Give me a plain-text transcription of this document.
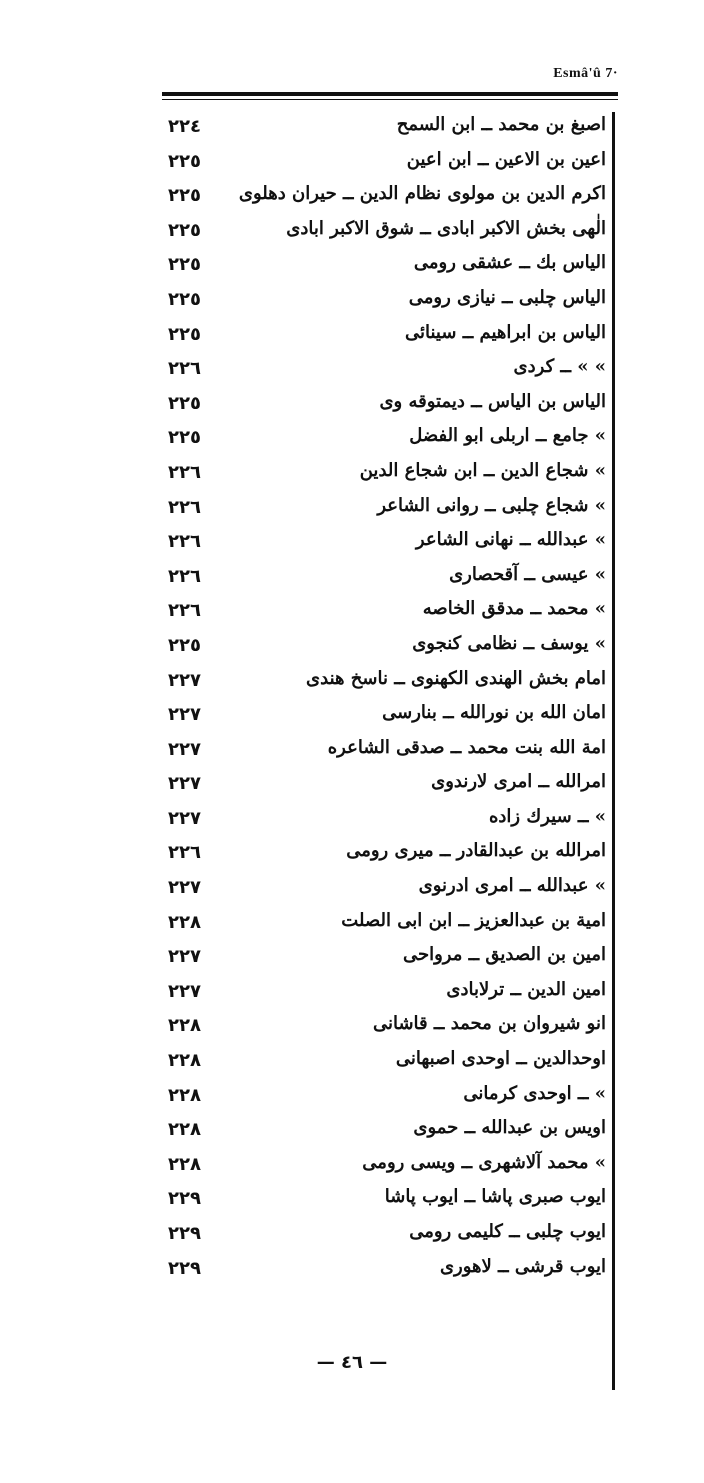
Esmâ'û 7·
اصبغ بن محمد ــ ابن السمح
٢٢٤
اعين بن الاعين ــ ابن اعين
٢٢٥
اكرم الدين بن مولوى نظام الدين ــ حيران دهلوى
٢٢٥
الٰهى بخش الاكبر ابادى ــ شوق الاكبر ابادى
٢٢٥
الياس بك ــ عشقى رومى
٢٢٥
الياس چلبى ــ نيازى رومى
٢٢٥
الياس بن ابراهيم ــ سينائى
٢٢٥
» » ــ كردى
٢٢٦
الياس بن الياس ــ ديمتوقه وى
٢٢٥
» جامع ــ اربلى ابو الفضل
٢٢٥
» شجاع الدين ــ ابن شجاع الدين
٢٢٦
» شجاع چلبى ــ روانى الشاعر
٢٢٦
» عبدالله ــ نهانى الشاعر
٢٢٦
» عيسى ــ آقحصارى
٢٢٦
» محمد ــ مدقق الخاصه
٢٢٦
» يوسف ــ نظامى كنجوى
٢٢٥
امام بخش الهندى الكهنوى ــ ناسخ هندى
٢٢٧
امان الله بن نورالله ــ بنارسى
٢٢٧
امة الله بنت محمد ــ صدقى الشاعره
٢٢٧
امرالله ــ امرى لارندوى
٢٢٧
» ــ سيرك زاده
٢٢٧
امرالله بن عبدالقادر ــ ميرى رومى
٢٢٦
» عبدالله ــ امرى ادرنوى
٢٢٧
امية بن عبدالعزيز ــ ابن ابى الصلت
٢٢٨
امين بن الصديق ــ مرواحى
٢٢٧
امين الدين ــ ترلابادى
٢٢٧
انو شيروان بن محمد ــ قاشانى
٢٢٨
اوحدالدين ــ اوحدى اصبهانى
٢٢٨
» ــ اوحدى كرمانى
٢٢٨
اويس بن عبدالله ــ حموى
٢٢٨
» محمد آلاشهرى ــ ويسى رومى
٢٢٨
ايوب صبرى پاشا ــ ايوب پاشا
٢٢٩
ايوب چلبى ــ كليمى رومى
٢٢٩
ايوب قرشى ــ لاهورى
٢٢٩
— ٤٦ —
